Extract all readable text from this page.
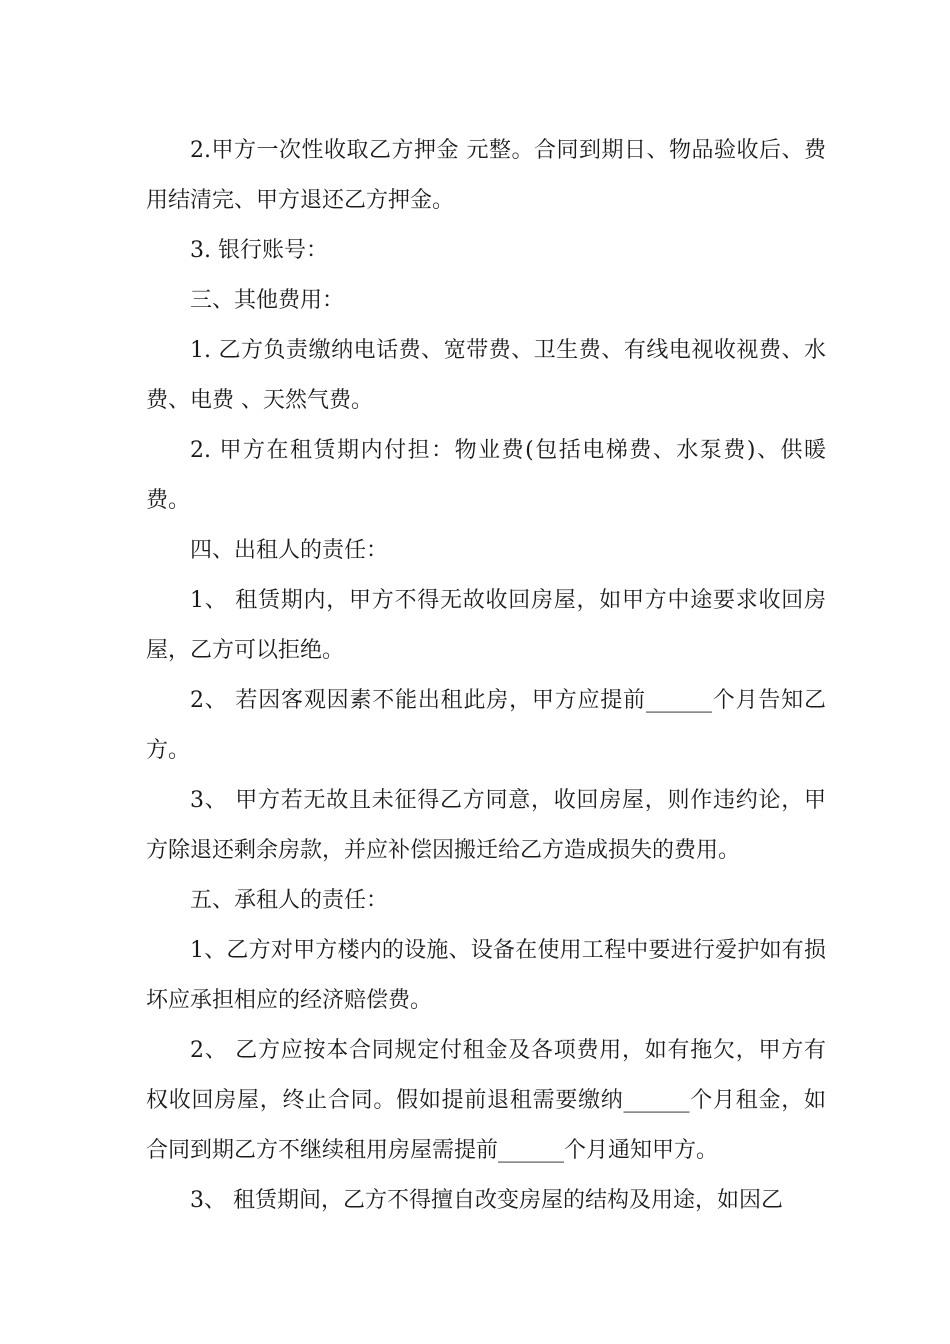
2.甲方一次性收取乙方押金 元整。合同到期日、物品验收后、费用结清完、甲方退还乙方押金。

3. 银行账号：

三、其他费用：

1. 乙方负责缴纳电话费、宽带费、卫生费、有线电视收视费、水费、电费 、天然气费。

2. 甲方在租赁期内付担：物业费(包括电梯费、水泵费)、供暖费。

四、出租人的责任：

1、 租赁期内，甲方不得无故收回房屋，如甲方中途要求收回房屋，乙方可以拒绝。

2、 若因客观因素不能出租此房，甲方应提前______个月告知乙方。

3、 甲方若无故且未征得乙方同意，收回房屋，则作违约论，甲方除退还剩余房款，并应补偿因搬迁给乙方造成损失的费用。

五、承租人的责任：

1、乙方对甲方楼内的设施、设备在使用工程中要进行爱护如有损坏应承担相应的经济赔偿费。

2、 乙方应按本合同规定付租金及各项费用，如有拖欠，甲方有权收回房屋，终止合同。假如提前退租需要缴纳______个月租金，如合同到期乙方不继续租用房屋需提前______个月通知甲方。

3、 租赁期间，乙方不得擅自改变房屋的结构及用途，如因乙
